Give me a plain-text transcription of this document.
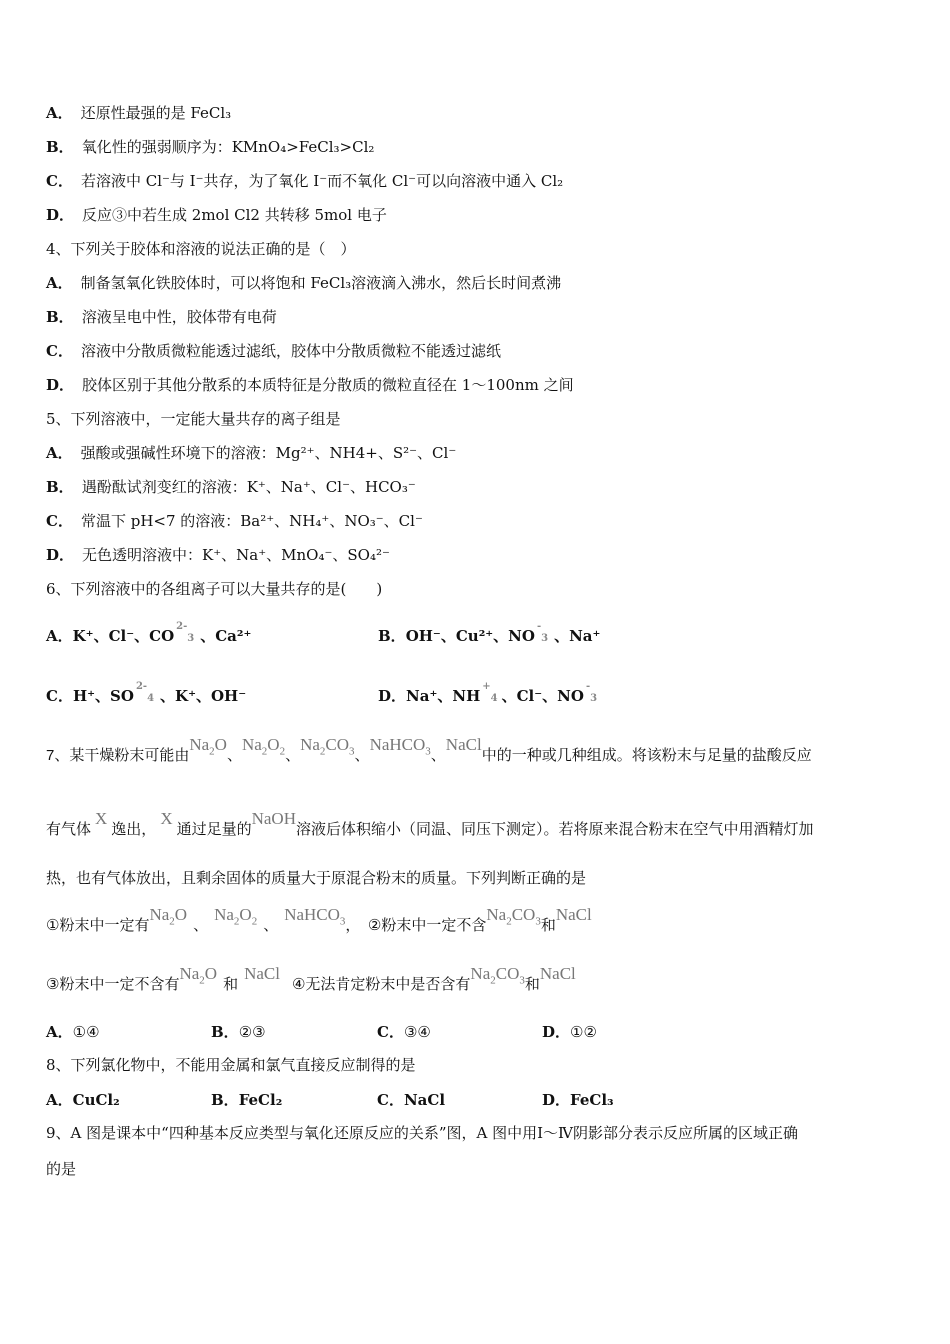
A． 还原性最强的是 FeCl₃
B． 氧化性的强弱顺序为：KMnO₄>FeCl₃>Cl₂
C． 若溶液中 Cl⁻与 I⁻共存，为了氧化 I⁻而不氧化 Cl⁻可以向溶液中通入 Cl₂
D． 反应③中若生成 2mol Cl2 共转移 5mol 电子
4、下列关于胶体和溶液的说法正确的是（　）
A． 制备氢氧化铁胶体时，可以将饱和 FeCl₃溶液滴入沸水，然后长时间煮沸
B． 溶液呈电中性，胶体带有电荷
C． 溶液中分散质微粒能透过滤纸，胶体中分散质微粒不能透过滤纸
D． 胶体区别于其他分散系的本质特征是分散质的微粒直径在 1～100nm 之间
5、下列溶液中，一定能大量共存的离子组是
A． 强酸或强碱性环境下的溶液：Mg²⁺、NH4+、S²⁻、Cl⁻
B． 遇酚酞试剂变红的溶液：K⁺、Na⁺、Cl⁻、HCO₃⁻
C． 常温下 pH<7 的溶液：Ba²⁺、NH₄⁺、NO₃⁻、Cl⁻
D． 无色透明溶液中：K⁺、Na⁺、MnO₄⁻、SO₄²⁻
6、下列溶液中的各组离子可以大量共存的是(　　)
A．K⁺、Cl⁻、$CO^{2-}3$ 、Ca²⁺	B．OH⁻、Cu²⁺、NO-3 、Na⁺
C．H⁺、$SO^{2-}4$ 、K⁺、OH⁻	D．Na⁺、NH+4 、Cl⁻、NO-3
7、某干燥粉末可能由$Na_2O$、$Na_2O_2$、$Na_2CO_3$、NaHCO$_3$、NaCl中的一种或几种组成。将该粉末与足量的盐酸反应
有气体X逸出，X通过足量的NaOH溶液后体积缩小（同温、同压下测定）。若将原来混合粉末在空气中用酒精灯加
热，也有气体放出，且剩余固体的质量大于原混合粉末的质量。下列判断正确的是
①粉末中一定有$Na_2O$、$Na_2O_2$ 、NaHCO$_3$，　②粉末中一定不含$Na_2CO_3$和NaCl
③粉末中一定不含有$Na_2O$和NaCl④无法肯定粉末中是否含有$Na_2CO_3$和NaCl
A．①④	B．②③	C．③④	D．①②
8、下列氯化物中，不能用金属和氯气直接反应制得的是
A．CuCl₂	B．FeCl₂	C．NaCl	D．FeCl₃
9、A 图是课本中“四种基本反应类型与氧化还原反应的关系”图，A 图中用Ⅰ～Ⅳ阴影部分表示反应所属的区域正确
的是
